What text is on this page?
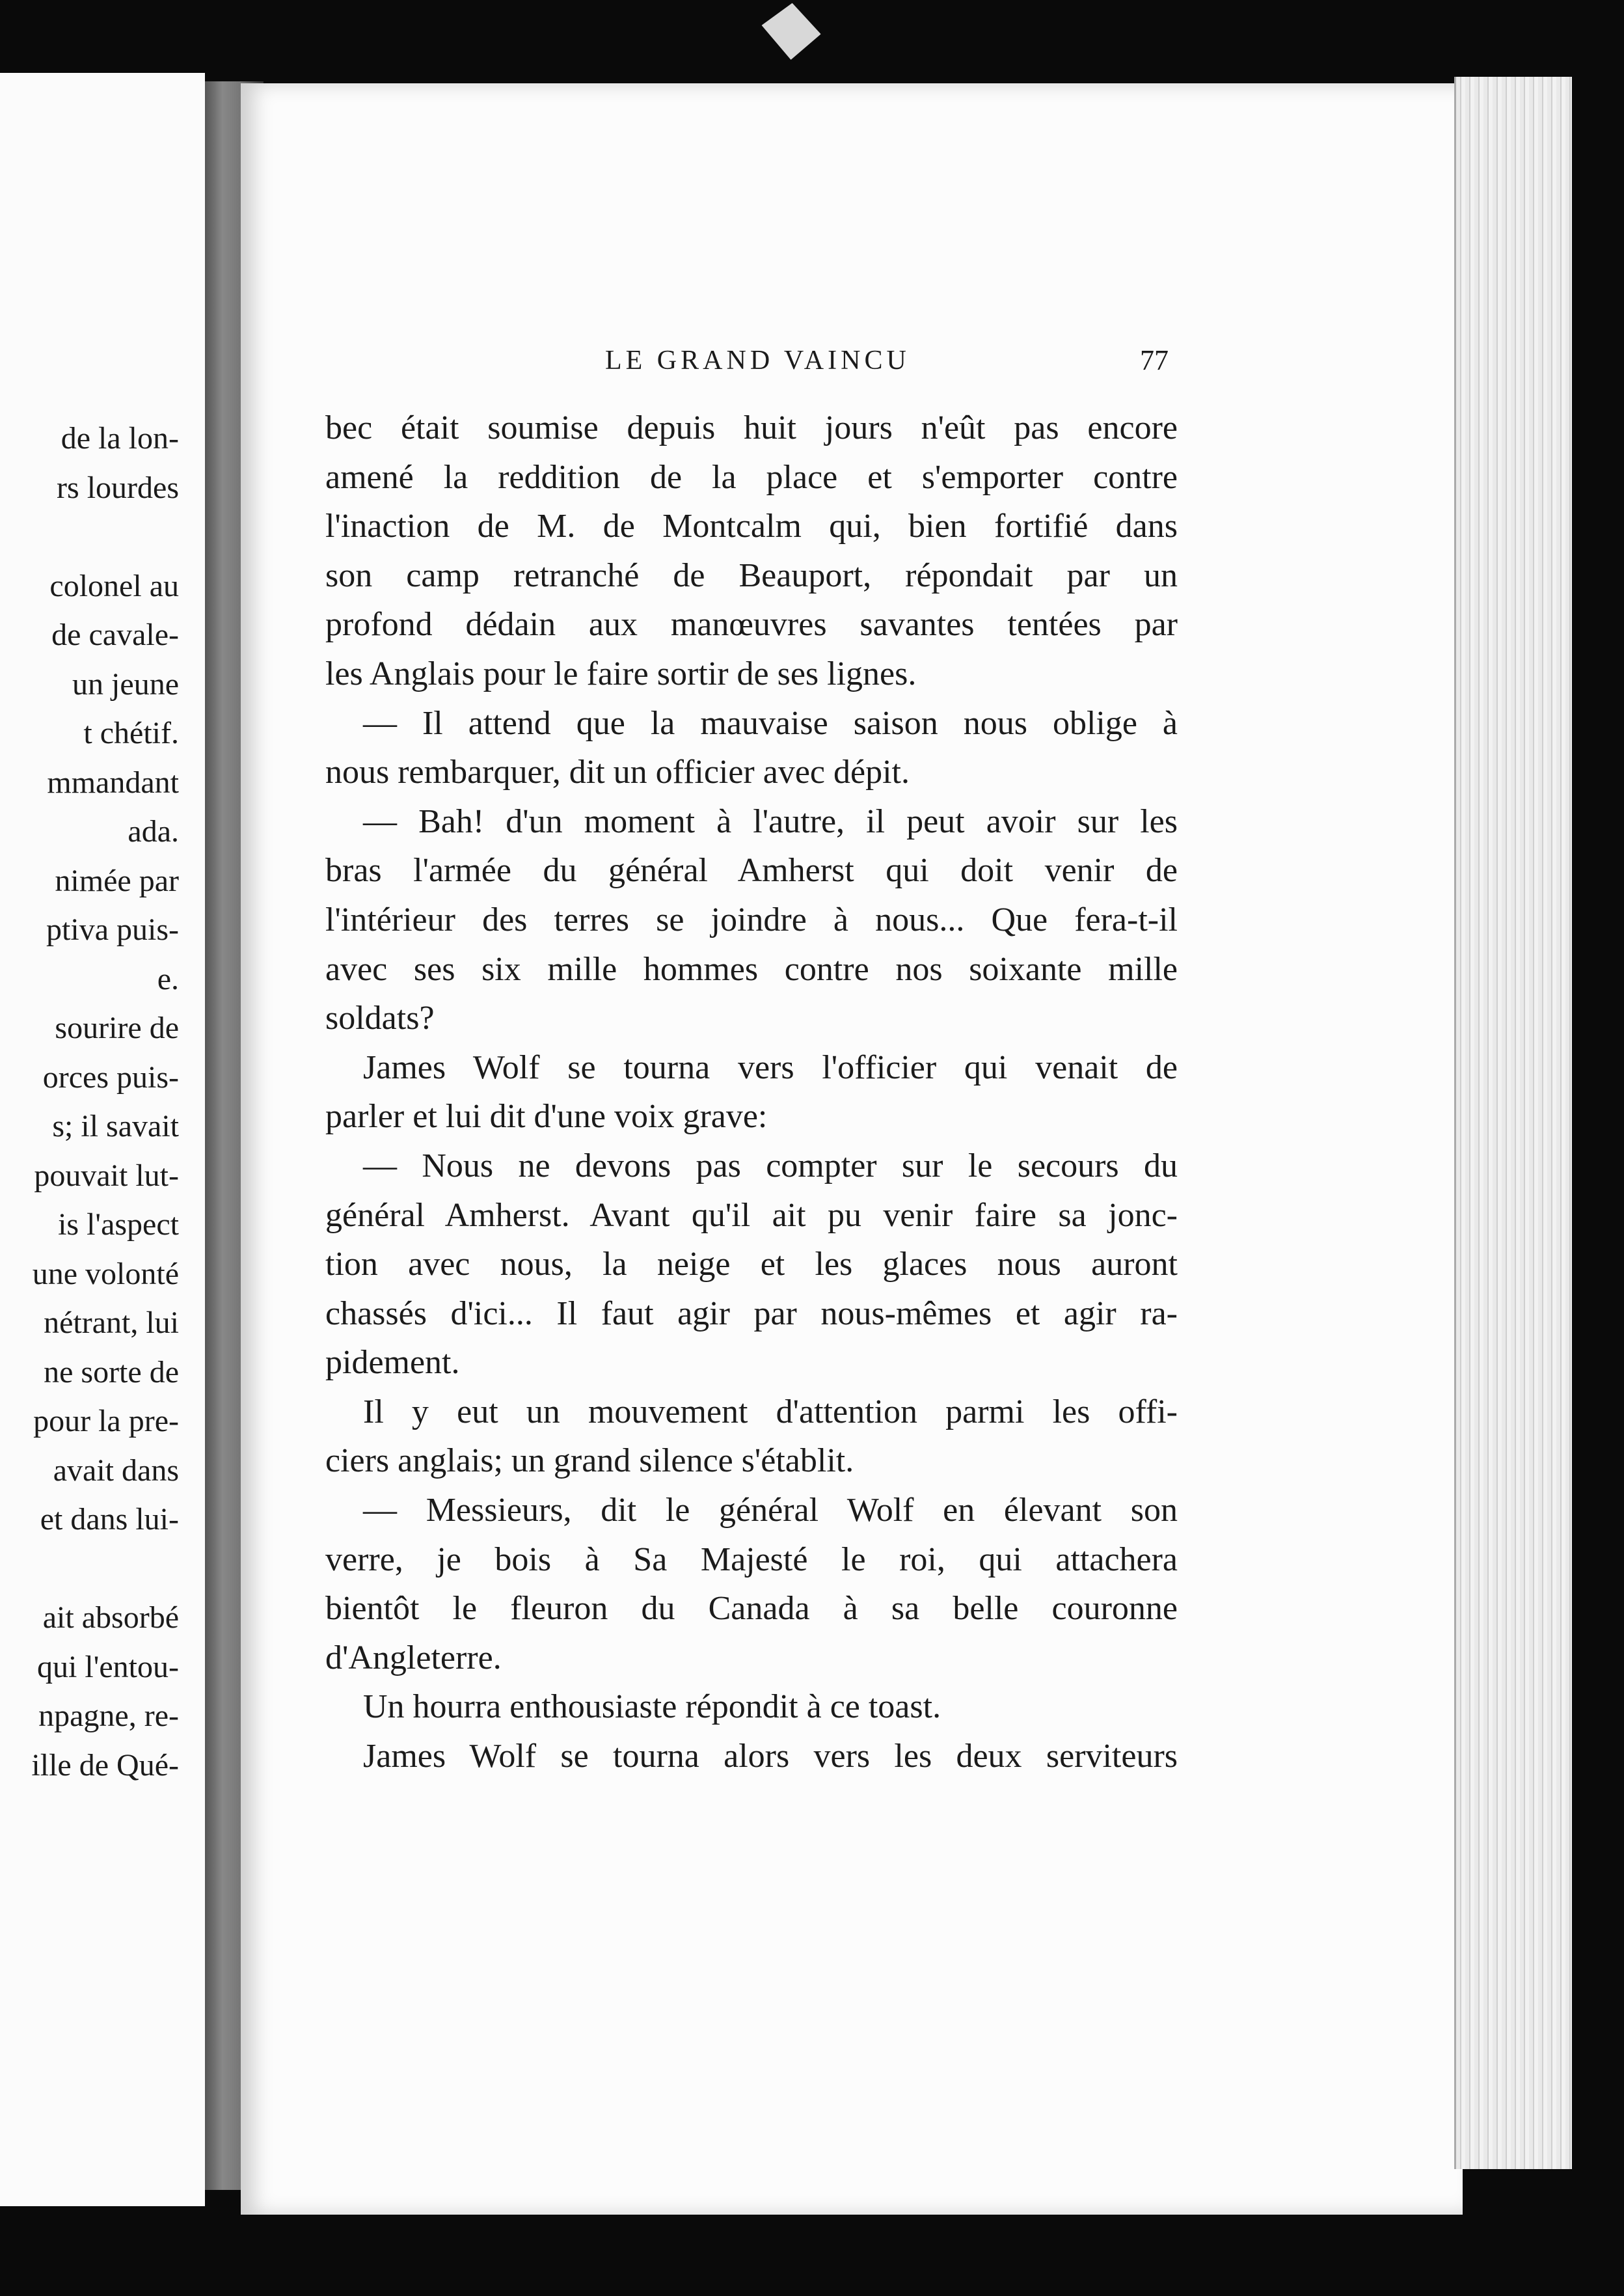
de la lon-
rs lourdes
colonel au
de cavale-
un jeune
t chétif.
mmandant
ada.
nimée par
ptiva puis-
e.
sourire de
orces puis-
s; il savait
pouvait lut-
is l'aspect
une volonté
nétrant, lui
ne sorte de
pour la pre-
avait dans
et dans lui-
ait absorbé
qui l'entou-
npagne, re-
ille de Qué-
LE GRAND VAINCU	77
bec était soumise depuis huit jours n'eût pas encore
amené la reddition de la place et s'emporter contre
l'inaction de M. de Montcalm qui, bien fortifié dans
son camp retranché de Beauport, répondait par un
profond dédain aux manœuvres savantes tentées par
les Anglais pour le faire sortir de ses lignes.
— Il attend que la mauvaise saison nous oblige à
nous rembarquer, dit un officier avec dépit.
— Bah! d'un moment à l'autre, il peut avoir sur les
bras l'armée du général Amherst qui doit venir de
l'intérieur des terres se joindre à nous... Que fera-t-il
avec ses six mille hommes contre nos soixante mille
soldats?
James Wolf se tourna vers l'officier qui venait de
parler et lui dit d'une voix grave:
— Nous ne devons pas compter sur le secours du
général Amherst. Avant qu'il ait pu venir faire sa jonc-
tion avec nous, la neige et les glaces nous auront
chassés d'ici... Il faut agir par nous-mêmes et agir ra-
pidement.
Il y eut un mouvement d'attention parmi les offi-
ciers anglais; un grand silence s'établit.
— Messieurs, dit le général Wolf en élevant son
verre, je bois à Sa Majesté le roi, qui attachera
bientôt le fleuron du Canada à sa belle couronne
d'Angleterre.
Un hourra enthousiaste répondit à ce toast.
James Wolf se tourna alors vers les deux serviteurs
